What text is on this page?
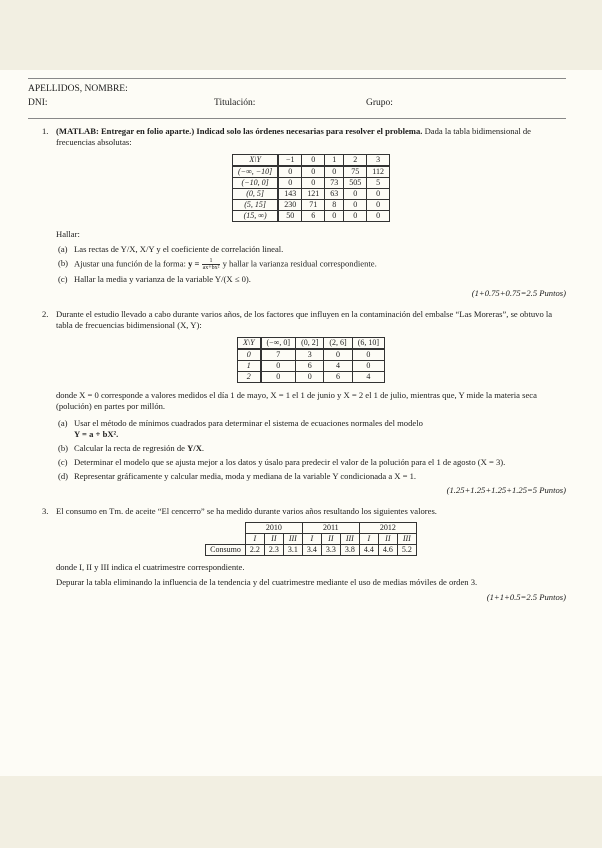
APELLIDOS, NOMBRE:
DNI:	Titulación:	Grupo:
1. (MATLAB: Entregar en folio aparte.) Indicad solo las órdenes necesarias para resolver el problema. Dada la tabla bidimensional de frecuencias absolutas:
X\Y	−1	0	1	2	3
(−∞, −10]	0	0	0	75	112
(−10, 0]	0	0	73	505	5
(0, 5]	143	121	63	0	0
(5, 15]	230	71	8	0	0
(15, ∞)	50	6	0	0	0
Hallar:
(a) Las rectas de Y/X, X/Y y el coeficiente de correlación lineal.
(b) Ajustar una función de la forma: $y = \frac{1}{\text{ax+bx²}}$ y hallar la varianza residual correspondiente.
(c) Hallar la media y varianza de la variable Y/(X ≤ 0).
(1+0.75+0.75=2.5 Puntos)
2. Durante el estudio llevado a cabo durante varios años, de los factores que influyen en la contaminación del embalse “Las Moreras”, se obtuvo la tabla de frecuencias bidimensional (X, Y):
X\Y	(−∞, 0]	(0, 2]	(2, 6]	(6, 10]
0	7	3	0	0
1	0	6	4	0
2	0	0	6	4
donde X = 0 corresponde a valores medidos el día 1 de mayo, X = 1 el 1 de junio y X = 2 el 1 de julio, mientras que, Y mide la materia seca (polución) en partes por millón.
(a) Usar el método de mínimos cuadrados para determinar el sistema de ecuaciones normales del modelo
Y = a + bX².
(b) Calcular la recta de regresión de Y/X.
(c) Determinar el modelo que se ajusta mejor a los datos y úsalo para predecir el valor de la polución para el 1 de agosto (X = 3).
(d) Representar gráficamente y calcular media, moda y mediana de la variable Y condicionada a X = 1.
(1.25+1.25+1.25+1.25=5 Puntos)
3. El consumo en Tm. de aceite “El cencerro” se ha medido durante varios años resultando los siguientes valores.
	2010			2011			2012		
	I	II	III	I	II	III	I	II	III
Consumo	2.2	2.3	3.1	3.4	3.3	3.8	4.4	4.6	5.2
donde I, II y III indica el cuatrimestre correspondiente.
Depurar la tabla eliminando la influencia de la tendencia y del cuatrimestre mediante el uso de medias móviles de orden 3.
(1+1+0.5=2.5 Puntos)
